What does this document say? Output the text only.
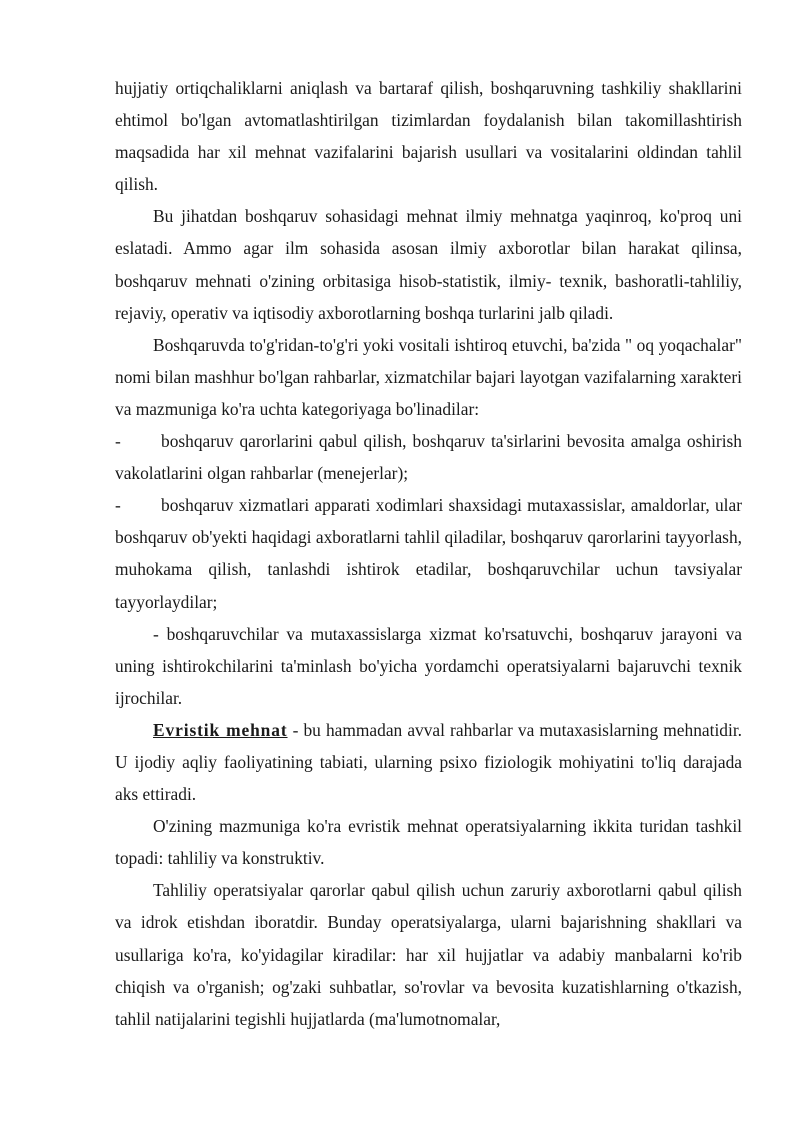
hujjatiy ortiqchaliklarni aniqlash va bartaraf qilish, boshqaruvning tashkiliy shakllarini ehtimol bo'lgan avtomatlashtirilgan tizimlardan foydalanish bilan takomillashtirish maqsadida har xil mehnat vazifalarini bajarish usullari va vositalarini oldindan tahlil qilish.

Bu jihatdan boshqaruv sohasidagi mehnat ilmiy mehnatga yaqinroq, ko'proq uni eslatadi. Ammo agar ilm sohasida asosan ilmiy axborotlar bilan harakat qilinsa, boshqaruv mehnati o'zining orbitasiga hisob-statistik, ilmiy- texnik, bashoratli-tahliliy, rejaviy, operativ va iqtisodiy axborotlarning boshqa turlarini jalb qiladi.

Boshqaruvda to'g'ridan-to'g'ri yoki vositali ishtiroq etuvchi, ba'zida " oq yoqachalar" nomi bilan mashhur bo'lgan rahbarlar, xizmatchilar bajari layotgan vazifalarning xarakteri va mazmuniga ko'ra uchta kategoriyaga bo'linadilar:

- boshqaruv qarorlarini qabul qilish, boshqaruv ta'sirlarini bevosita amalga oshirish vakolatlarini olgan rahbarlar (menejerlar);

- boshqaruv xizmatlari apparati xodimlari shaxsidagi mutaxassislar, amaldorlar, ular boshqaruv ob'yekti haqidagi axboratlarni tahlil qiladilar, boshqaruv qarorlarini tayyorlash, muhokama qilish, tanlashdi ishtirok etadilar, boshqaruvchilar uchun tavsiyalar tayyorlaydilar;

- boshqaruvchilar va mutaxassislarga xizmat ko'rsatuvchi, boshqaruv jarayoni va uning ishtirokchilarini ta'minlash bo'yicha yordamchi operatsiyalarni bajaruvchi texnik ijrochilar.

Evristik mehnat - bu hammadan avval rahbarlar va mutaxasislarning mehnatidir. U ijodiy aqliy faoliyatining tabiati, ularning psixo fiziologik mohiyatini to'liq darajada aks ettiradi.

O'zining mazmuniga ko'ra evristik mehnat operatsiyalarning ikkita turidan tashkil topadi: tahliliy va konstruktiv.

Tahliliy operatsiyalar qarorlar qabul qilish uchun zaruriy axborotlarni qabul qilish va idrok etishdan iboratdir. Bunday operatsiyalarga, ularni bajarishning shakllari va usullariga ko'ra, ko'yidagilar kiradilar: har xil hujjatlar va adabiy manbalarni ko'rib chiqish va o'rganish; og'zaki suhbatlar, so'rovlar va bevosita kuzatishlarning o'tkazish, tahlil natijalarini tegishli hujjatlarda (ma'lumotnomalar,
